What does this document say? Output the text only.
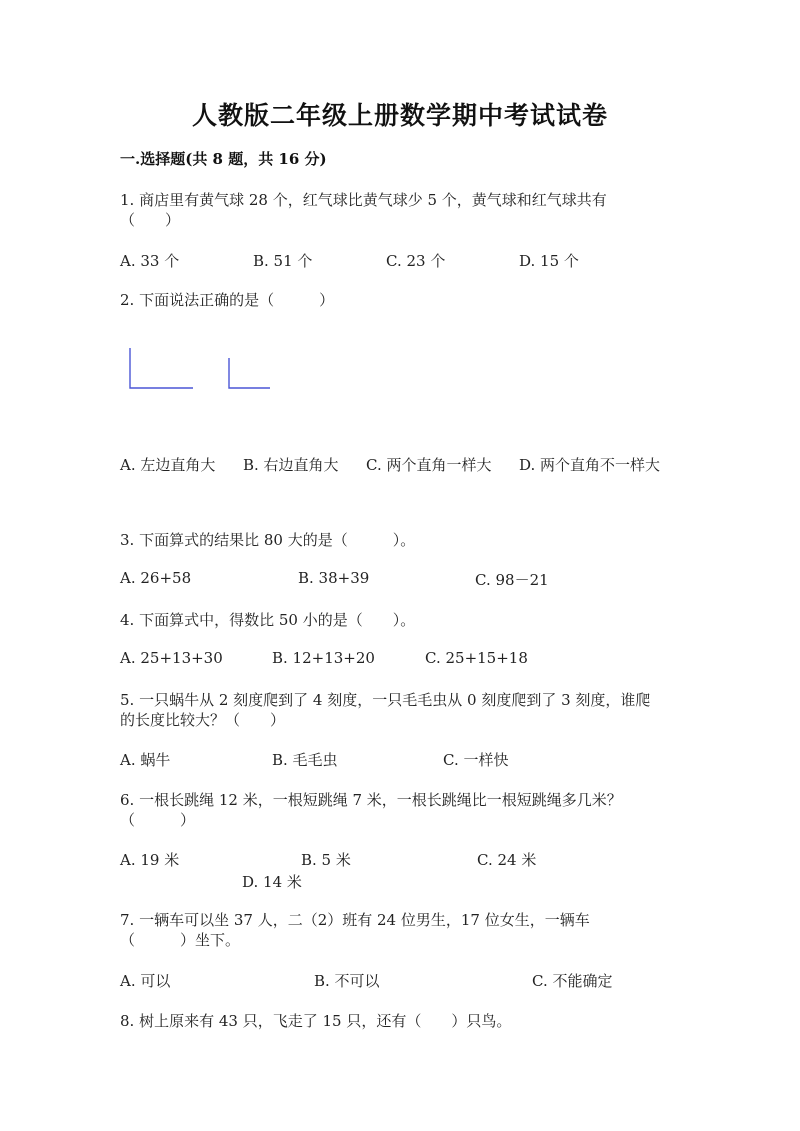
人教版二年级上册数学期中考试试卷
一.选择题(共 8 题，共 16 分)
1. 商店里有黄气球 28 个，红气球比黄气球少 5 个，黄气球和红气球共有
（　　）
A. 33 个	B. 51 个	C. 23 个	D. 15 个
2. 下面说法正确的是（　　　）
A. 左边直角大 B. 右边直角大 C. 两个直角一样大 D. 两个直角不一样大
3. 下面算式的结果比 80 大的是（　　　）。
A. 26+58	B. 38+39	C. 98－21
4. 下面算式中，得数比 50 小的是（　　）。
A. 25+13+30	B. 12+13+20	C. 25+15+18
5. 一只蜗牛从 2 刻度爬到了 4 刻度，一只毛毛虫从 0 刻度爬到了 3 刻度，谁爬
的长度比较大？（　　）
A. 蜗牛	B. 毛毛虫	C. 一样快
6. 一根长跳绳 12 米，一根短跳绳 7 米，一根长跳绳比一根短跳绳多几米？
（　　　）
A. 19 米	B. 5 米	C. 24 米
D. 14 米
7. 一辆车可以坐 37 人，二（2）班有 24 位男生，17 位女生，一辆车
（　　　）坐下。
A. 可以	B. 不可以	C. 不能确定
8. 树上原来有 43 只，飞走了 15 只，还有（　　）只鸟。
